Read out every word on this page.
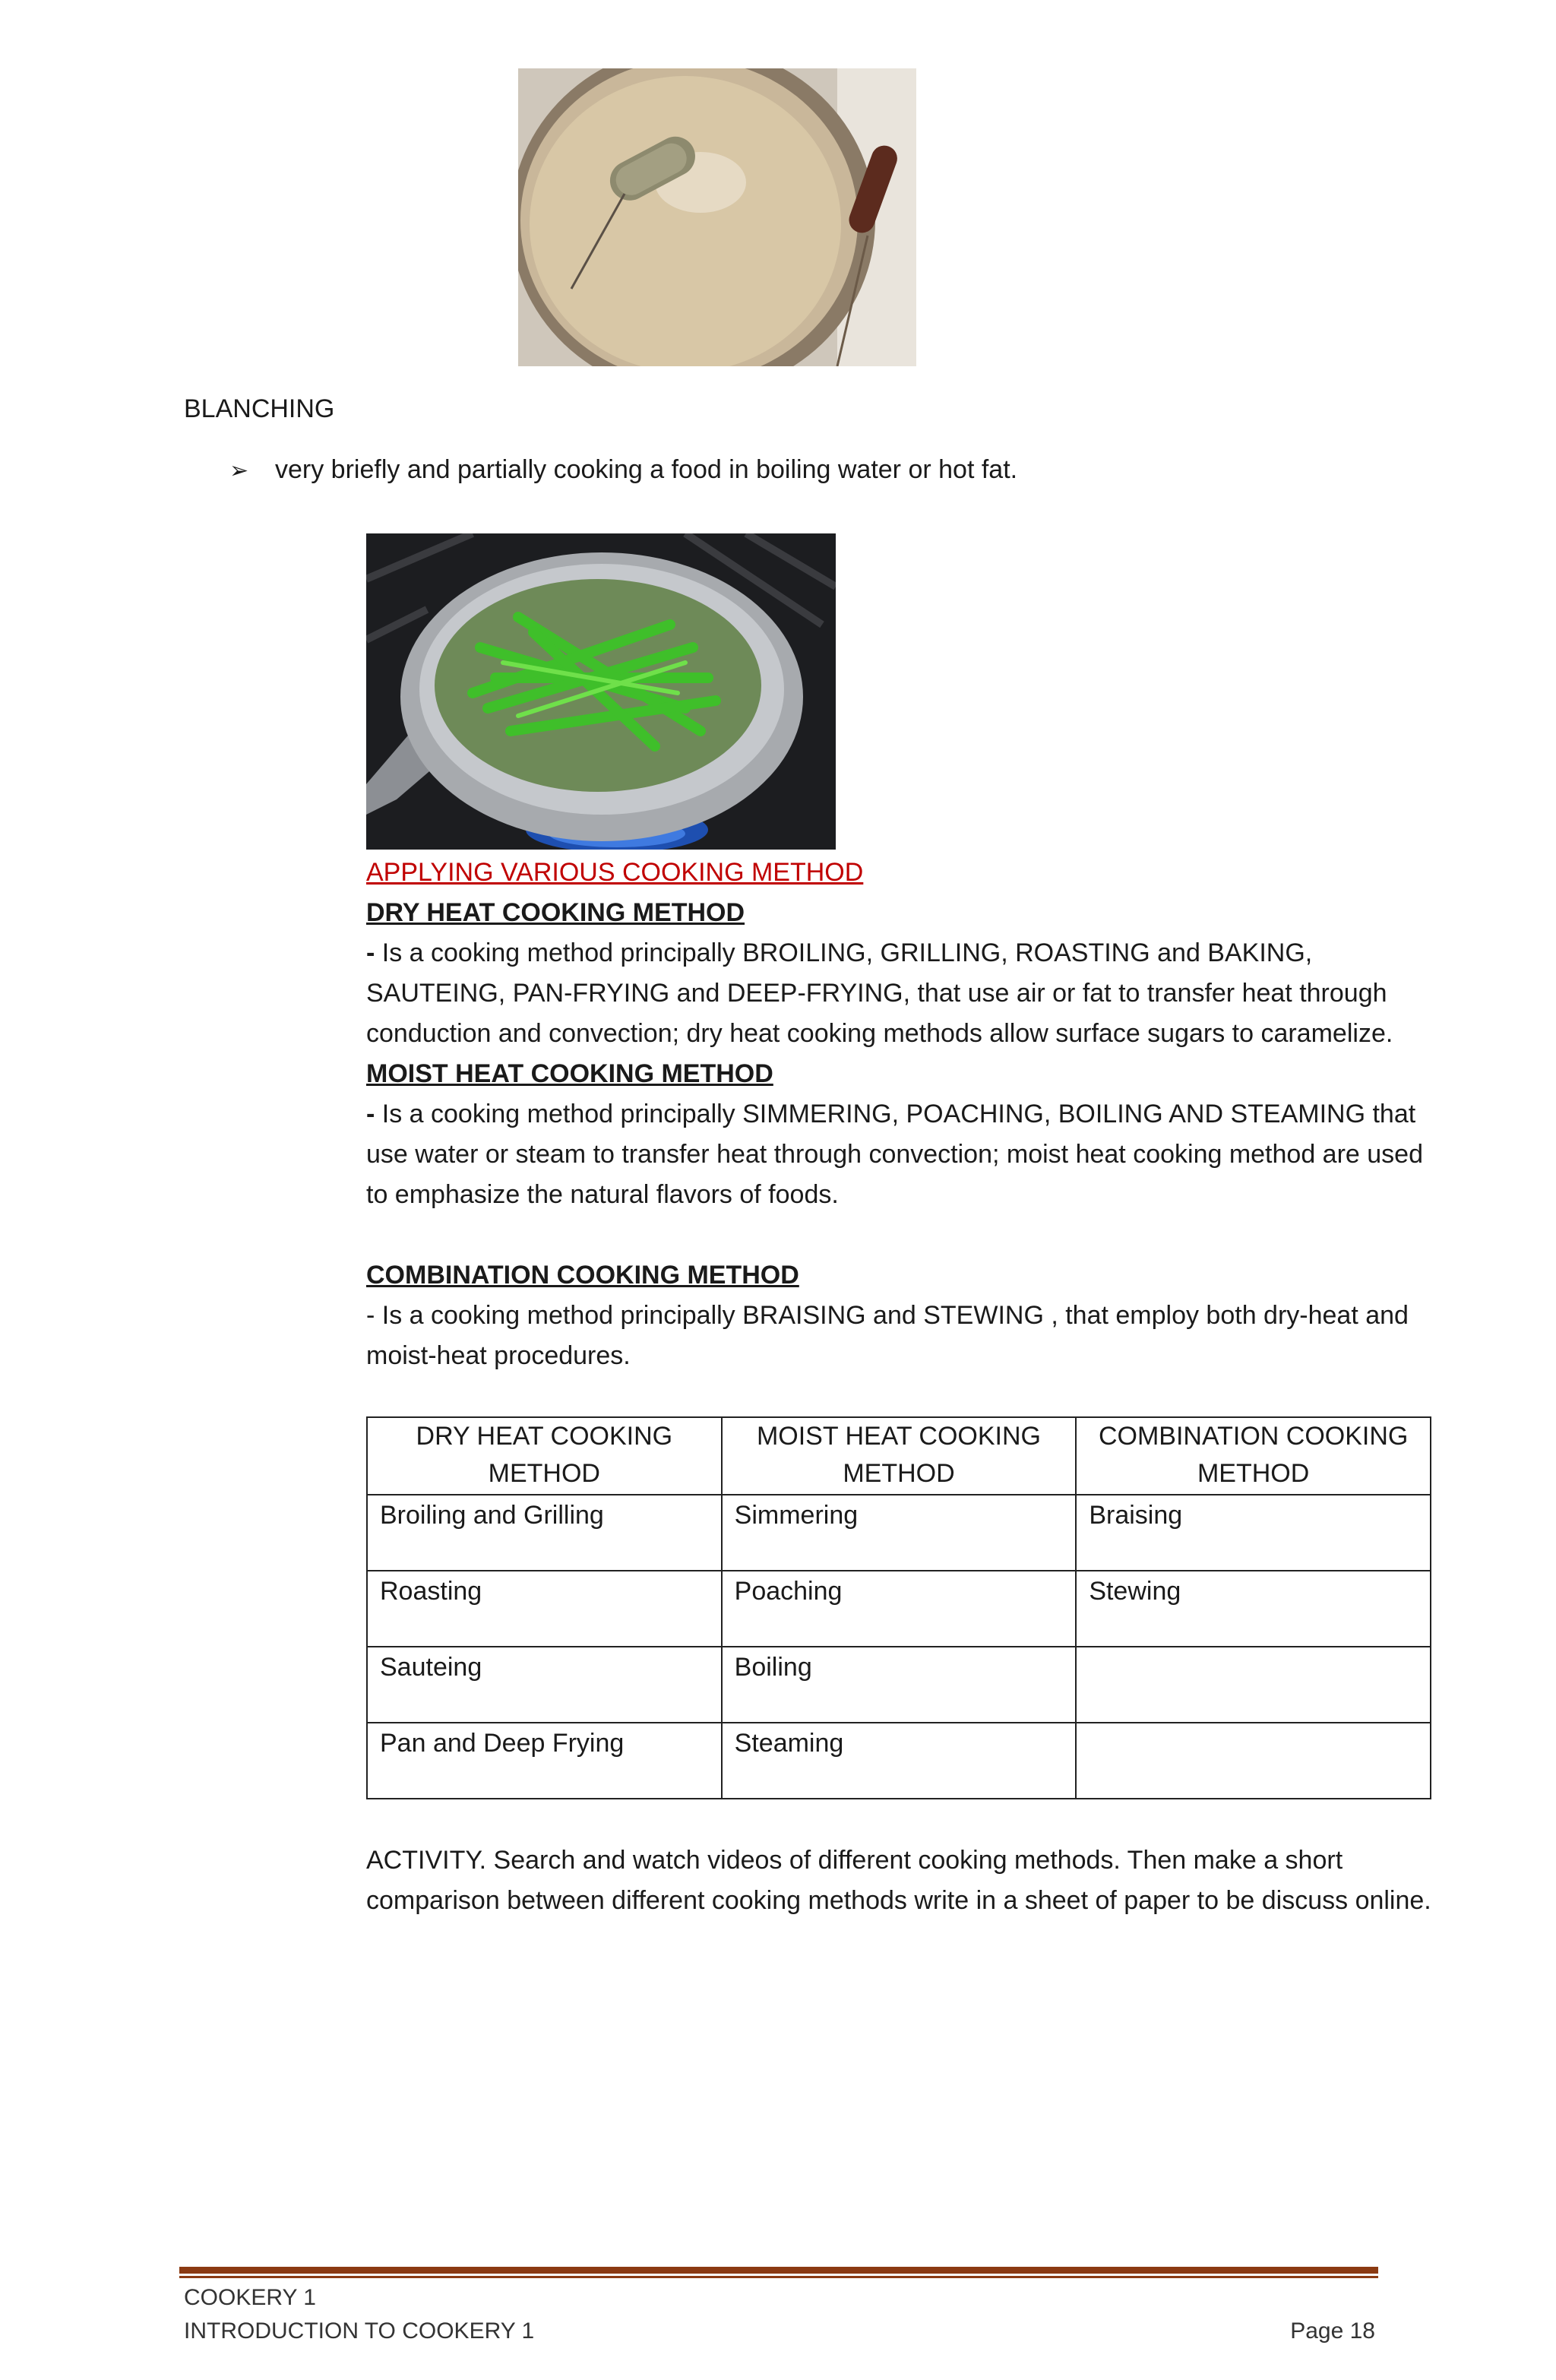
BLANCHING
➢ very briefly and partially cooking a food in boiling water or hot fat.

APPLYING VARIOUS COOKING METHOD

DRY HEAT COOKING METHOD

- Is a cooking method principally BROILING, GRILLING, ROASTING and BAKING, SAUTEING, PAN-FRYING and DEEP-FRYING, that use air or fat to transfer heat through conduction and convection; dry heat cooking methods allow surface sugars to caramelize.

MOIST HEAT COOKING METHOD

- Is a cooking method principally SIMMERING, POACHING, BOILING AND STEAMING that use water or steam to transfer heat through convection; moist heat cooking method are used to emphasize the natural flavors of foods.

COMBINATION COOKING METHOD

- Is a cooking method principally BRAISING and STEWING , that employ both dry-heat and moist-heat procedures.

DRY HEAT COOKING METHOD	MOIST HEAT COOKING METHOD	COMBINATION COOKING METHOD
Broiling and Grilling	Simmering	Braising
Roasting	Poaching	Stewing
Sauteing	Boiling	
Pan and Deep Frying	Steaming	
ACTIVITY. Search and watch videos of different cooking methods. Then make a short comparison between different cooking methods write in a sheet of paper to be discuss online.
COOKERY 1
INTRODUCTION TO COOKERY 1	Page 18
